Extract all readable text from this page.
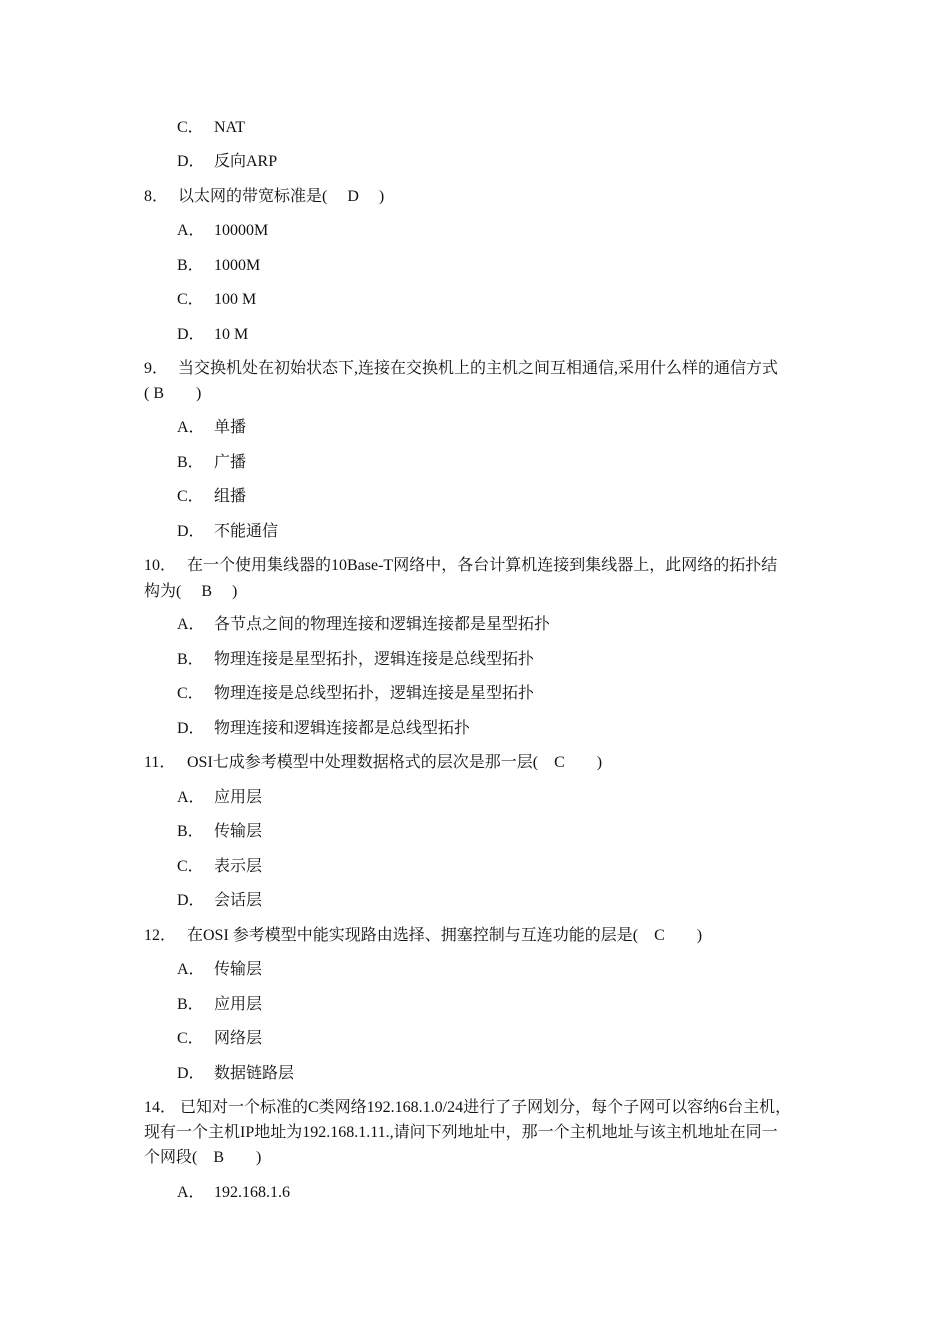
C． NAT
D． 反向ARP
8． 以太网的带宽标准是(　 D　 )
A． 10000M
B． 1000M
C． 100 M
D． 10 M
9． 当交换机处在初始状态下,连接在交换机上的主机之间互相通信,采用什么样的通信方式
( B　　)
A． 单播
B． 广播
C． 组播
D． 不能通信
10． 在一个使用集线器的10Base-T网络中，各台计算机连接到集线器上，此网络的拓扑结
构为(　 B　 )
A． 各节点之间的物理连接和逻辑连接都是星型拓扑
B． 物理连接是星型拓扑，逻辑连接是总线型拓扑
C． 物理连接是总线型拓扑，逻辑连接是星型拓扑
D． 物理连接和逻辑连接都是总线型拓扑
11． OSI七成参考模型中处理数据格式的层次是那一层(　C　　)
A． 应用层
B． 传输层
C． 表示层
D． 会话层
12． 在OSI 参考模型中能实现路由选择、拥塞控制与互连功能的层是(　C　　)
A． 传输层
B． 应用层
C． 网络层
D． 数据链路层
14． 已知对一个标准的C类网络192.168.1.0/24进行了子网划分，每个子网可以容纳6台主机，
现有一个主机IP地址为192.168.1.11.,请问下列地址中，那一个主机地址与该主机地址在同一
个网段(　B　　)
A． 192.168.1.6
